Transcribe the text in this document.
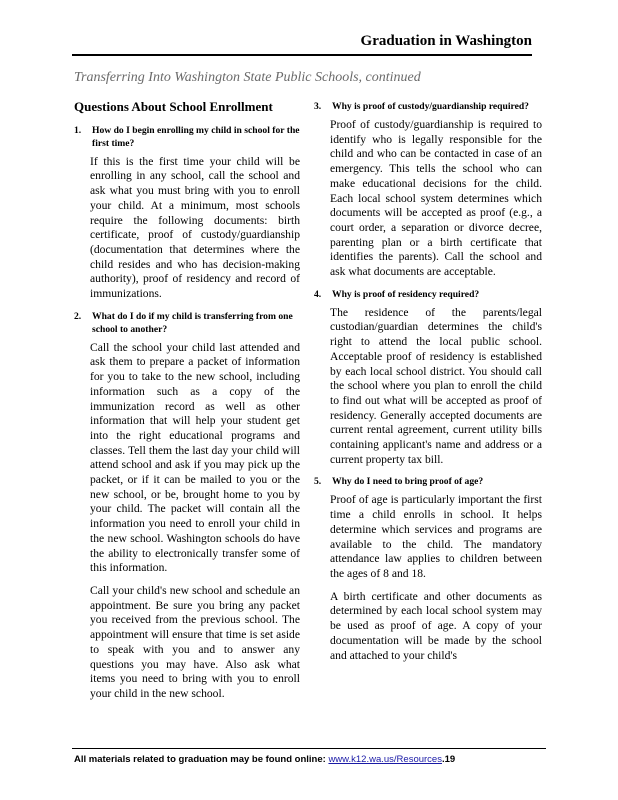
Graduation in Washington
Transferring Into Washington State Public Schools, continued
Questions About School Enrollment
1. How do I begin enrolling my child in school for the first time?
If this is the first time your child will be enrolling in any school, call the school and ask what you must bring with you to enroll your child. At a minimum, most schools require the following documents: birth certificate, proof of custody/guardianship (documentation that determines where the child resides and who has decision-making authority), proof of residency and record of immunizations.
2. What do I do if my child is transferring from one school to another?
Call the school your child last attended and ask them to prepare a packet of information for you to take to the new school, including information such as a copy of the immunization record as well as other information that will help your student get into the right educational programs and classes. Tell them the last day your child will attend school and ask if you may pick up the packet, or if it can be mailed to you or the new school, or be, brought home to you by your child. The packet will contain all the information you need to enroll your child in the new school. Washington schools do have the ability to electronically transfer some of this information.
Call your child's new school and schedule an appointment. Be sure you bring any packet you received from the previous school. The appointment will ensure that time is set aside to speak with you and to answer any questions you may have. Also ask what items you need to bring with you to enroll your child in the new school.
3. Why is proof of custody/guardianship required?
Proof of custody/guardianship is required to identify who is legally responsible for the child and who can be contacted in case of an emergency. This tells the school who can make educational decisions for the child. Each local school system determines which documents will be accepted as proof (e.g., a court order, a separation or divorce decree, parenting plan or a birth certificate that identifies the parents). Call the school and ask what documents are acceptable.
4. Why is proof of residency required?
The residence of the parents/legal custodian/guardian determines the child's right to attend the local public school. Acceptable proof of residency is established by each local school district. You should call the school where you plan to enroll the child to find out what will be accepted as proof of residency. Generally accepted documents are current rental agreement, current utility bills containing applicant's name and address or a current property tax bill.
5. Why do I need to bring proof of age?
Proof of age is particularly important the first time a child enrolls in school. It helps determine which services and programs are available to the child. The mandatory attendance law applies to children between the ages of 8 and 18.
A birth certificate and other documents as determined by each local school system may be used as proof of age. A copy of your documentation will be made by the school and attached to your child's
All materials related to graduation may be found online: www.k12.wa.us/Resources.19
